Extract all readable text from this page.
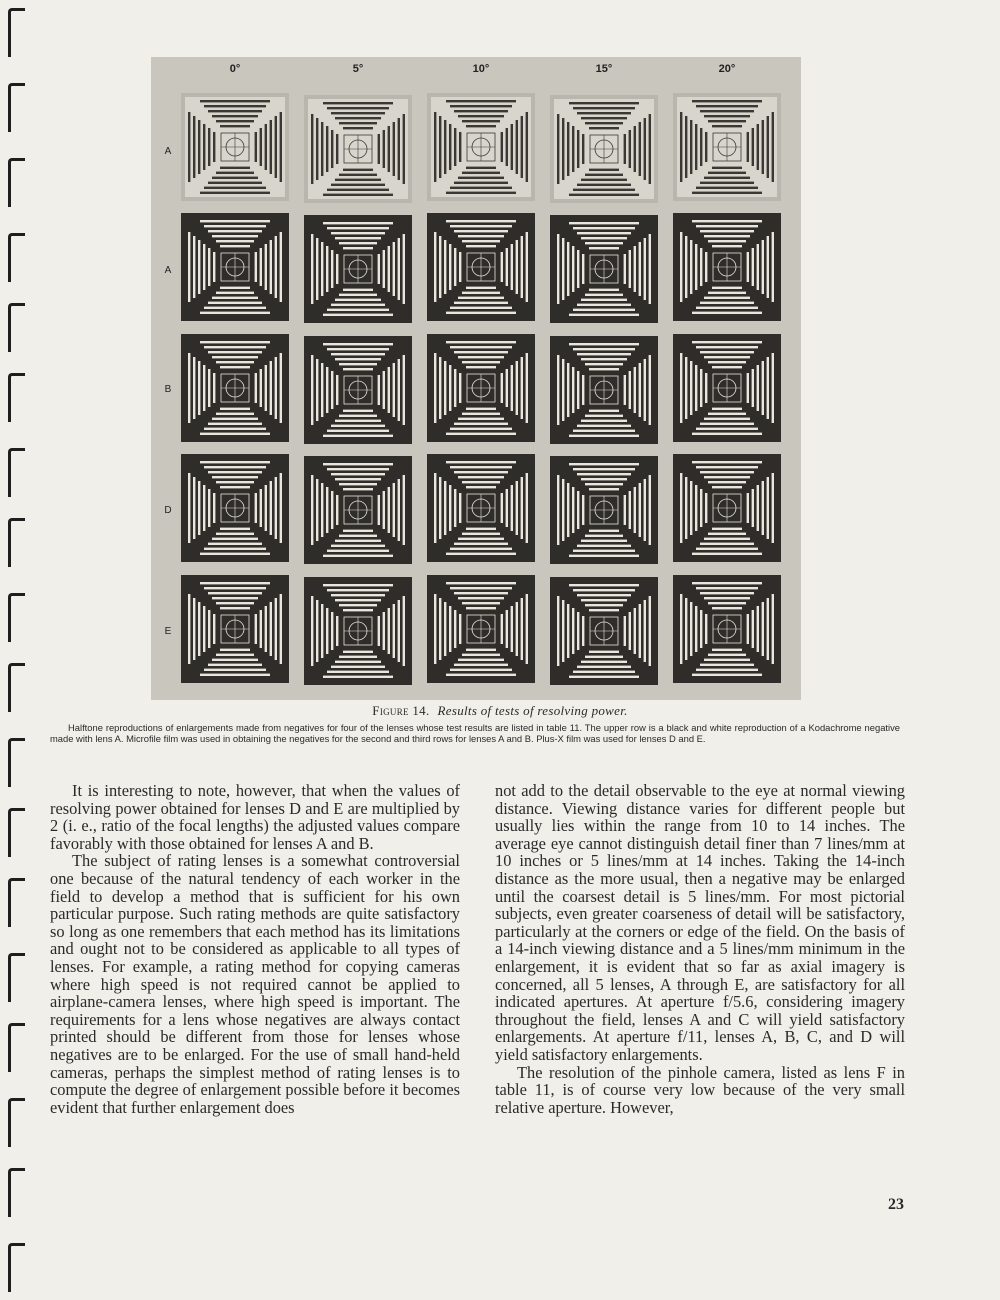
0°	5°	10°	15°	20°
A
A
B
D
E
Figure 14. Results of tests of resolving power.
Halftone reproductions of enlargements made from negatives for four of the lenses whose test results are listed in table 11. The upper row is a black and white reproduction of a Kodachrome negative made with lens A. Microfile film was used in obtaining the negatives for the second and third rows for lenses A and B. Plus-X film was used for lenses D and E.

It is interesting to note, however, that when the values of resolving power obtained for lenses D and E are multiplied by 2 (i. e., ratio of the focal lengths) the adjusted values compare favorably with those obtained for lenses A and B.

The subject of rating lenses is a somewhat controversial one because of the natural tendency of each worker in the field to develop a method that is sufficient for his own particular purpose. Such rating methods are quite satisfactory so long as one remembers that each method has its limitations and ought not to be considered as applicable to all types of lenses. For example, a rating method for copying cameras where high speed is not required cannot be applied to airplane-camera lenses, where high speed is important. The requirements for a lens whose negatives are always contact printed should be different from those for lenses whose negatives are to be enlarged. For the use of small hand-held cameras, perhaps the simplest method of rating lenses is to compute the degree of enlargement possible before it becomes evident that further enlargement does

not add to the detail observable to the eye at normal viewing distance. Viewing distance varies for different people but usually lies within the range from 10 to 14 inches. The average eye cannot distinguish detail finer than 7 lines/mm at 10 inches or 5 lines/mm at 14 inches. Taking the 14-inch distance as the more usual, then a negative may be enlarged until the coarsest detail is 5 lines/mm. For most pictorial subjects, even greater coarseness of detail will be satisfactory, particularly at the corners or edge of the field. On the basis of a 14-inch viewing distance and a 5 lines/mm minimum in the enlargement, it is evident that so far as axial imagery is concerned, all 5 lenses, A through E, are satisfactory for all indicated apertures. At aperture f/5.6, considering imagery throughout the field, lenses A and C will yield satisfactory enlargements. At aperture f/11, lenses A, B, C, and D will yield satisfactory enlargements.

The resolution of the pinhole camera, listed as lens F in table 11, is of course very low because of the very small relative aperture. However,

23
